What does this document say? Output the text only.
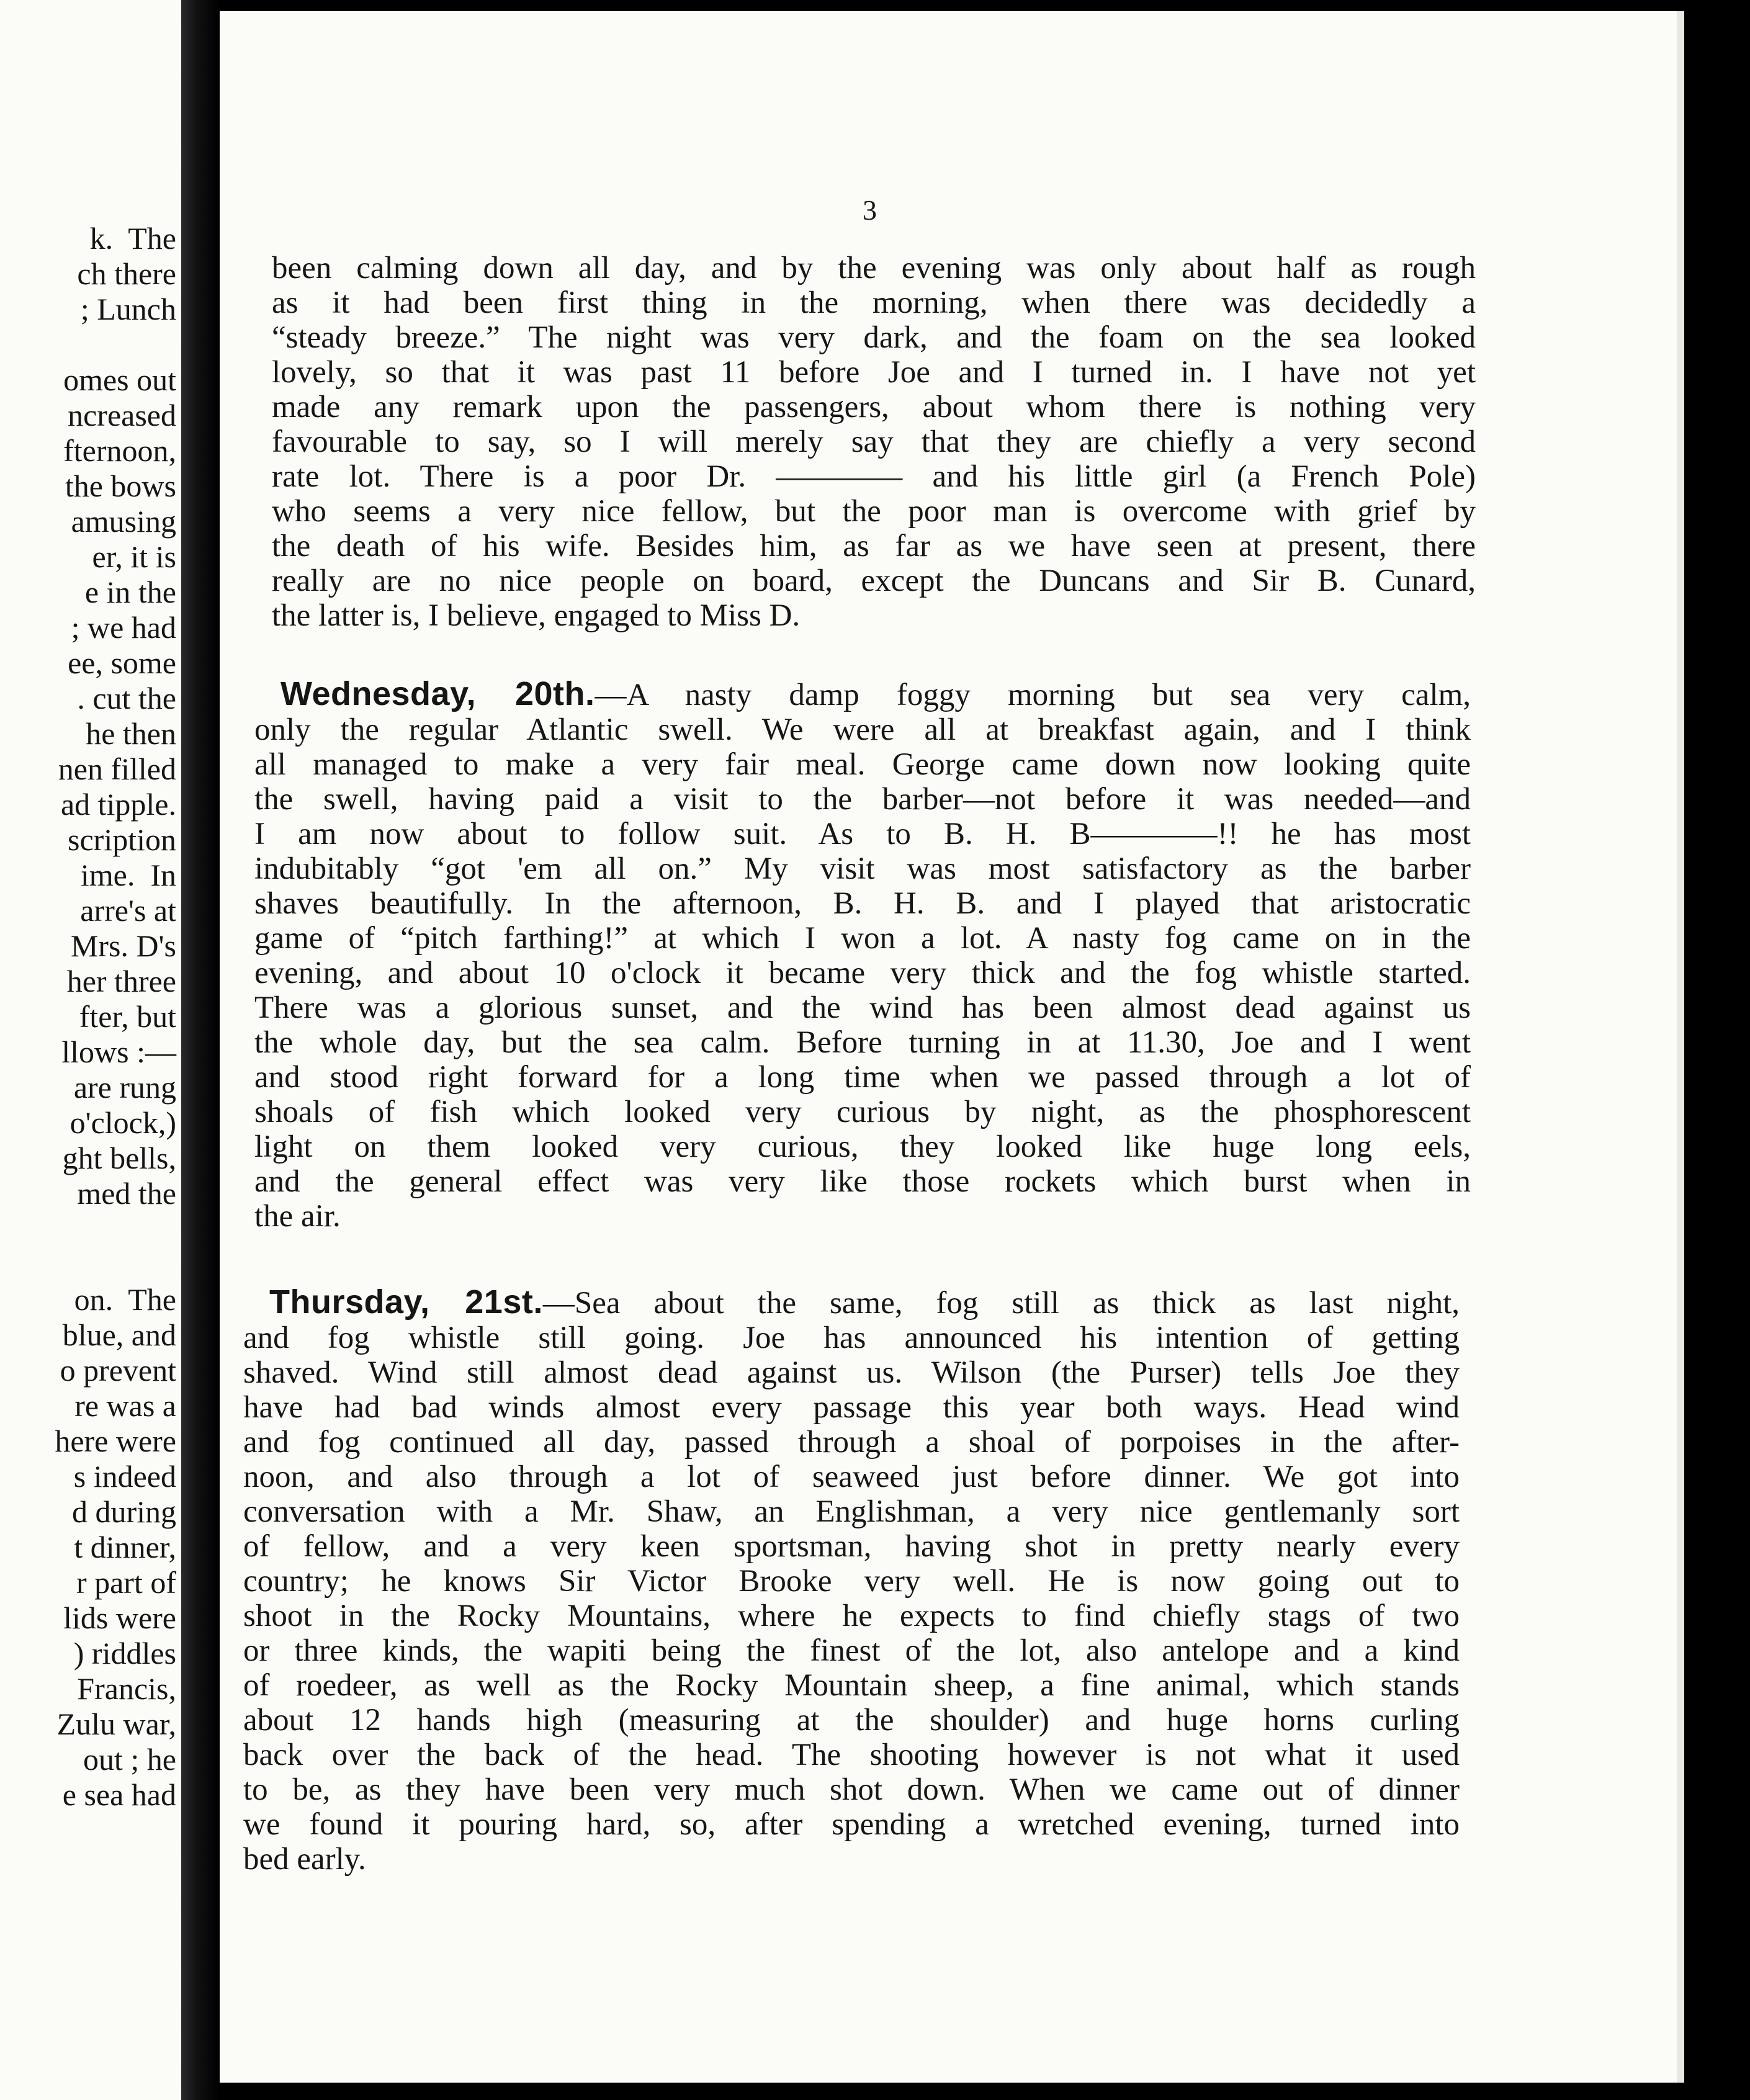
k.  The
ch there
; Lunch

omes out
ncreased
fternoon,
the bows
amusing
er, it is
e in the
; we had
ee, some
. cut the
he then
nen filled
ad tipple.
scription
ime.  In
arre's at
Mrs. D's
her three
fter, but
llows :—
are rung
o'clock,)
ght bells,
med the

on.  The
blue, and
o prevent
re was a
here were
s indeed
d during
t dinner,
r part of
lids were
) riddles
Francis,
Zulu war,
out ; he
e sea had
3
been calming down all day, and by the evening was only about half as rough
as it had been first thing in the morning, when there was decidedly a
“steady breeze.” The night was very dark, and the foam on the sea looked
lovely, so that it was past 11 before Joe and I turned in. I have not yet
made any remark upon the passengers, about whom there is nothing very
favourable to say, so I will merely say that they are chiefly a very second
rate lot. There is a poor Dr. ———— and his little girl (a French Pole)
who seems a very nice fellow, but the poor man is overcome with grief by
the death of his wife. Besides him, as far as we have seen at present, there
really are no nice people on board, except the Duncans and Sir B. Cunard,
the latter is, I believe, engaged to Miss D.
Wednesday, 20th.—A nasty damp foggy morning but sea very calm,
only the regular Atlantic swell. We were all at breakfast again, and I think
all managed to make a very fair meal. George came down now looking quite
the swell, having paid a visit to the barber—not before it was needed—and
I am now about to follow suit. As to B. H. B————!! he has most
indubitably “got 'em all on.” My visit was most satisfactory as the barber
shaves beautifully. In the afternoon, B. H. B. and I played that aristocratic
game of “pitch farthing!” at which I won a lot. A nasty fog came on in the
evening, and about 10 o'clock it became very thick and the fog whistle started.
There was a glorious sunset, and the wind has been almost dead against us
the whole day, but the sea calm. Before turning in at 11.30, Joe and I went
and stood right forward for a long time when we passed through a lot of
shoals of fish which looked very curious by night, as the phosphorescent
light on them looked very curious, they looked like huge long eels,
and the general effect was very like those rockets which burst when in
the air.
Thursday, 21st.—Sea about the same, fog still as thick as last night,
and fog whistle still going. Joe has announced his intention of getting
shaved. Wind still almost dead against us. Wilson (the Purser) tells Joe they
have had bad winds almost every passage this year both ways. Head wind
and fog continued all day, passed through a shoal of porpoises in the after-
noon, and also through a lot of seaweed just before dinner. We got into
conversation with a Mr. Shaw, an Englishman, a very nice gentlemanly sort
of fellow, and a very keen sportsman, having shot in pretty nearly every
country; he knows Sir Victor Brooke very well. He is now going out to
shoot in the Rocky Mountains, where he expects to find chiefly stags of two
or three kinds, the wapiti being the finest of the lot, also antelope and a kind
of roedeer, as well as the Rocky Mountain sheep, a fine animal, which stands
about 12 hands high (measuring at the shoulder) and huge horns curling
back over the back of the head. The shooting however is not what it used
to be, as they have been very much shot down. When we came out of dinner
we found it pouring hard, so, after spending a wretched evening, turned into
bed early.
